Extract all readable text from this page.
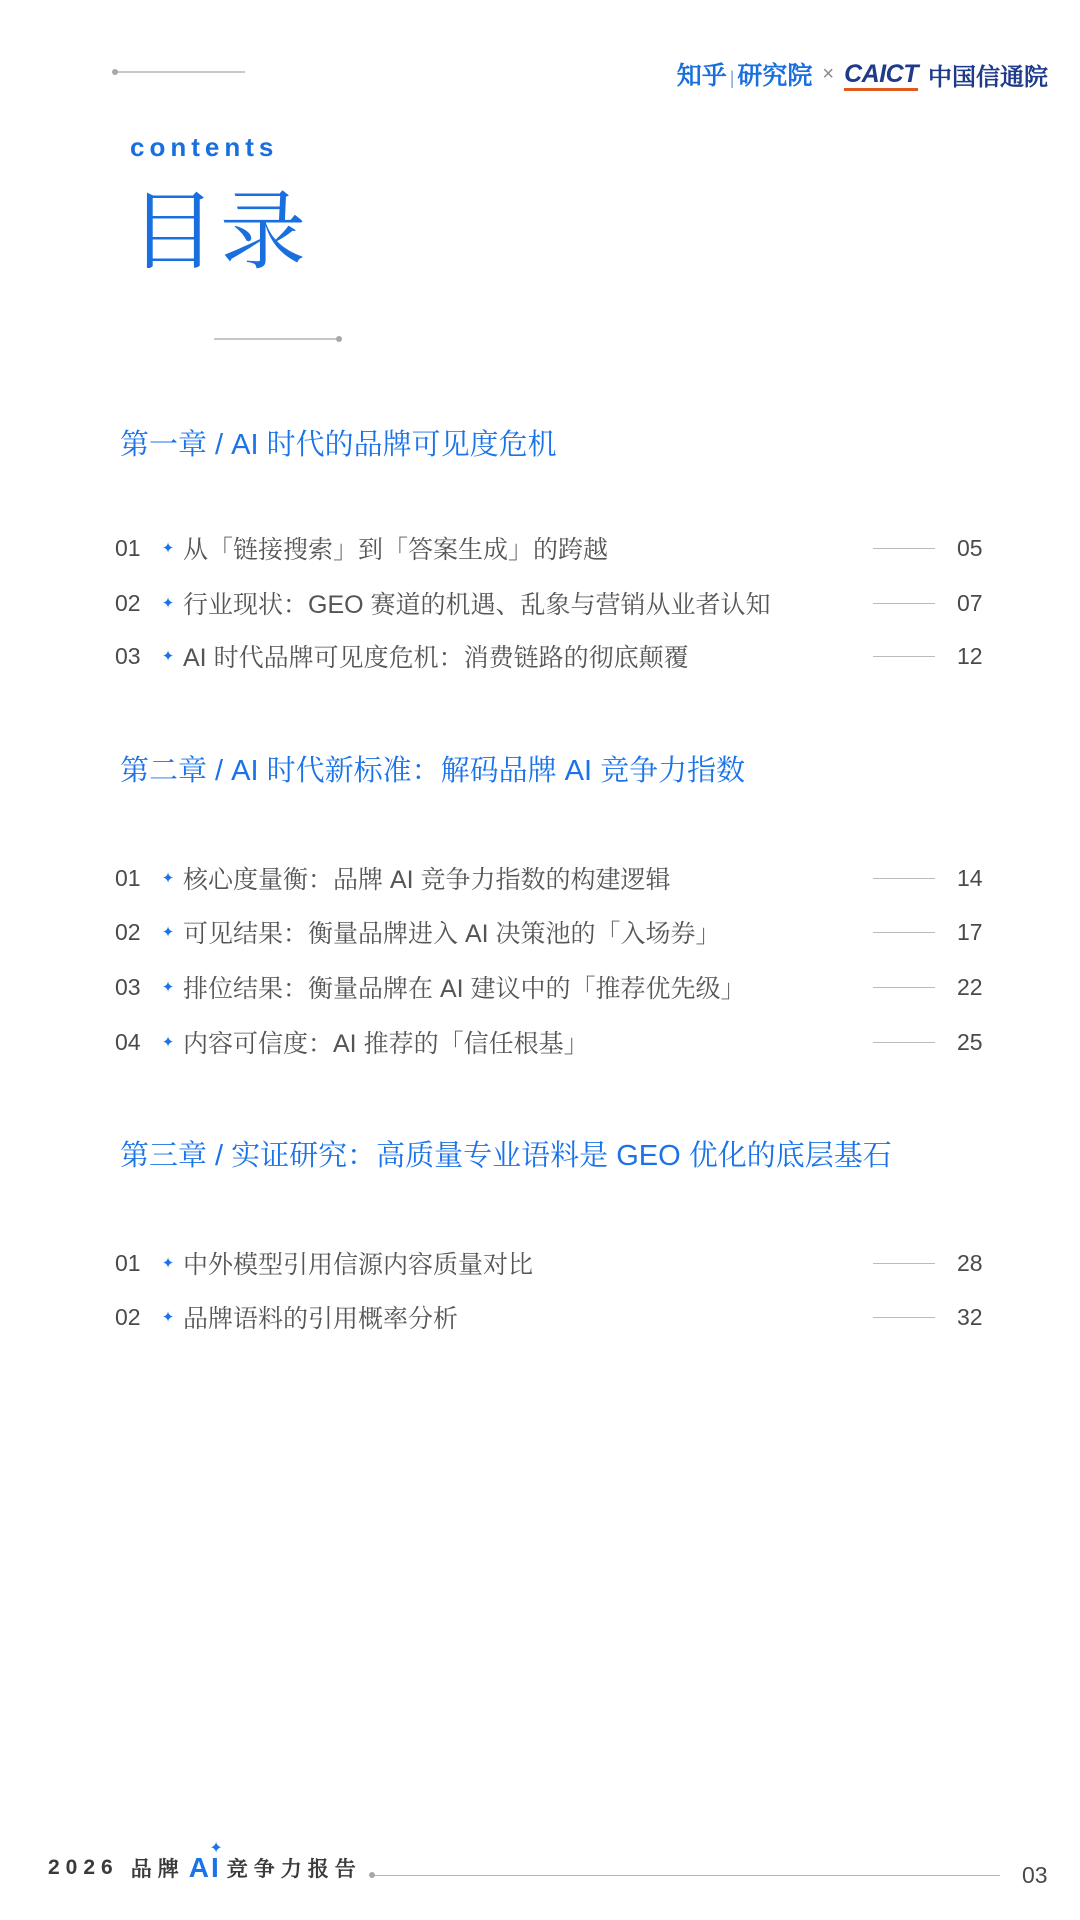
知乎 | 研究院 × CAICT 中国信通院
contents
目录
第一章 / AI 时代的品牌可见度危机
01	✦ 从「链接搜索」到「答案生成」的跨越	05
02	✦ 行业现状：GEO 赛道的机遇、乱象与营销从业者认知	07
03	✦ AI 时代品牌可见度危机：消费链路的彻底颠覆	12
第二章 / AI 时代新标准：解码品牌 AI 竞争力指数
01	✦ 核心度量衡：品牌 AI 竞争力指数的构建逻辑	14
02	✦ 可见结果：衡量品牌进入 AI 决策池的「入场券」	17
03	✦ 排位结果：衡量品牌在 AI 建议中的「推荐优先级」	22
04	✦ 内容可信度：AI 推荐的「信任根基」	25
第三章 / 实证研究：高质量专业语料是 GEO 优化的底层基石
01	✦ 中外模型引用信源内容质量对比	28
02	✦ 品牌语料的引用概率分析	32
2026 品牌 AI
✦
竞争力报告	03
